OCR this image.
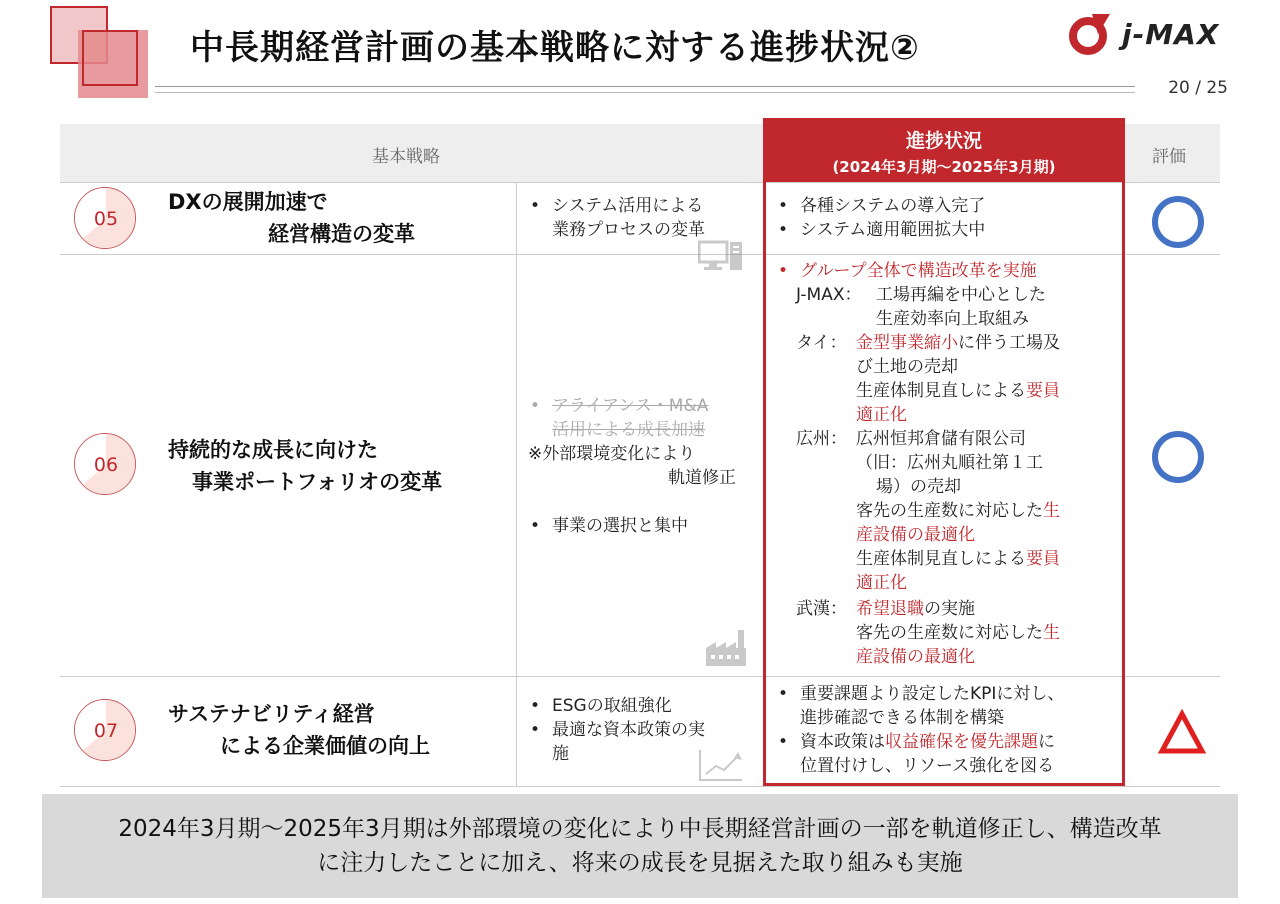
中長期経営計画の基本戦略に対する進捗状況②	j-MAX
20 / 25
基本戦略	評価
進捗状況
(2024年3月期～2025年3月期)
05
DXの展開加速で
経営構造の変革
• システム活用による
業務プロセスの変革
• 各種システムの導入完了
• システム適用範囲拡大中
06
持続的な成長に向けた
事業ポートフォリオの変革
• アライアンス・M&A
活用による成長加速
※外部環境変化により
軌道修正
• 事業の選択と集中
• グループ全体で構造改革を実施
J-MAX： 工場再編を中心とした
生産効率向上取組み
タイ： 金型事業縮小に伴う工場及
び土地の売却
生産体制見直しによる要員
適正化
広州： 広州恒邦倉儲有限公司
（旧：広州丸順社第１工
場）の売却
客先の生産数に対応した生
産設備の最適化
生産体制見直しによる要員
適正化
武漢： 希望退職の実施
客先の生産数に対応した生
産設備の最適化
07
サステナビリティ経営
による企業価値の向上
• ESGの取組強化
• 最適な資本政策の実
施
• 重要課題より設定したKPIに対し、
進捗確認できる体制を構築
• 資本政策は収益確保を優先課題に
位置付けし、リソース強化を図る
2024年3月期～2025年3月期は外部環境の変化により中長期経営計画の一部を軌道修正し、構造改革に注力したことに加え、将来の成長を見据えた取り組みも実施
